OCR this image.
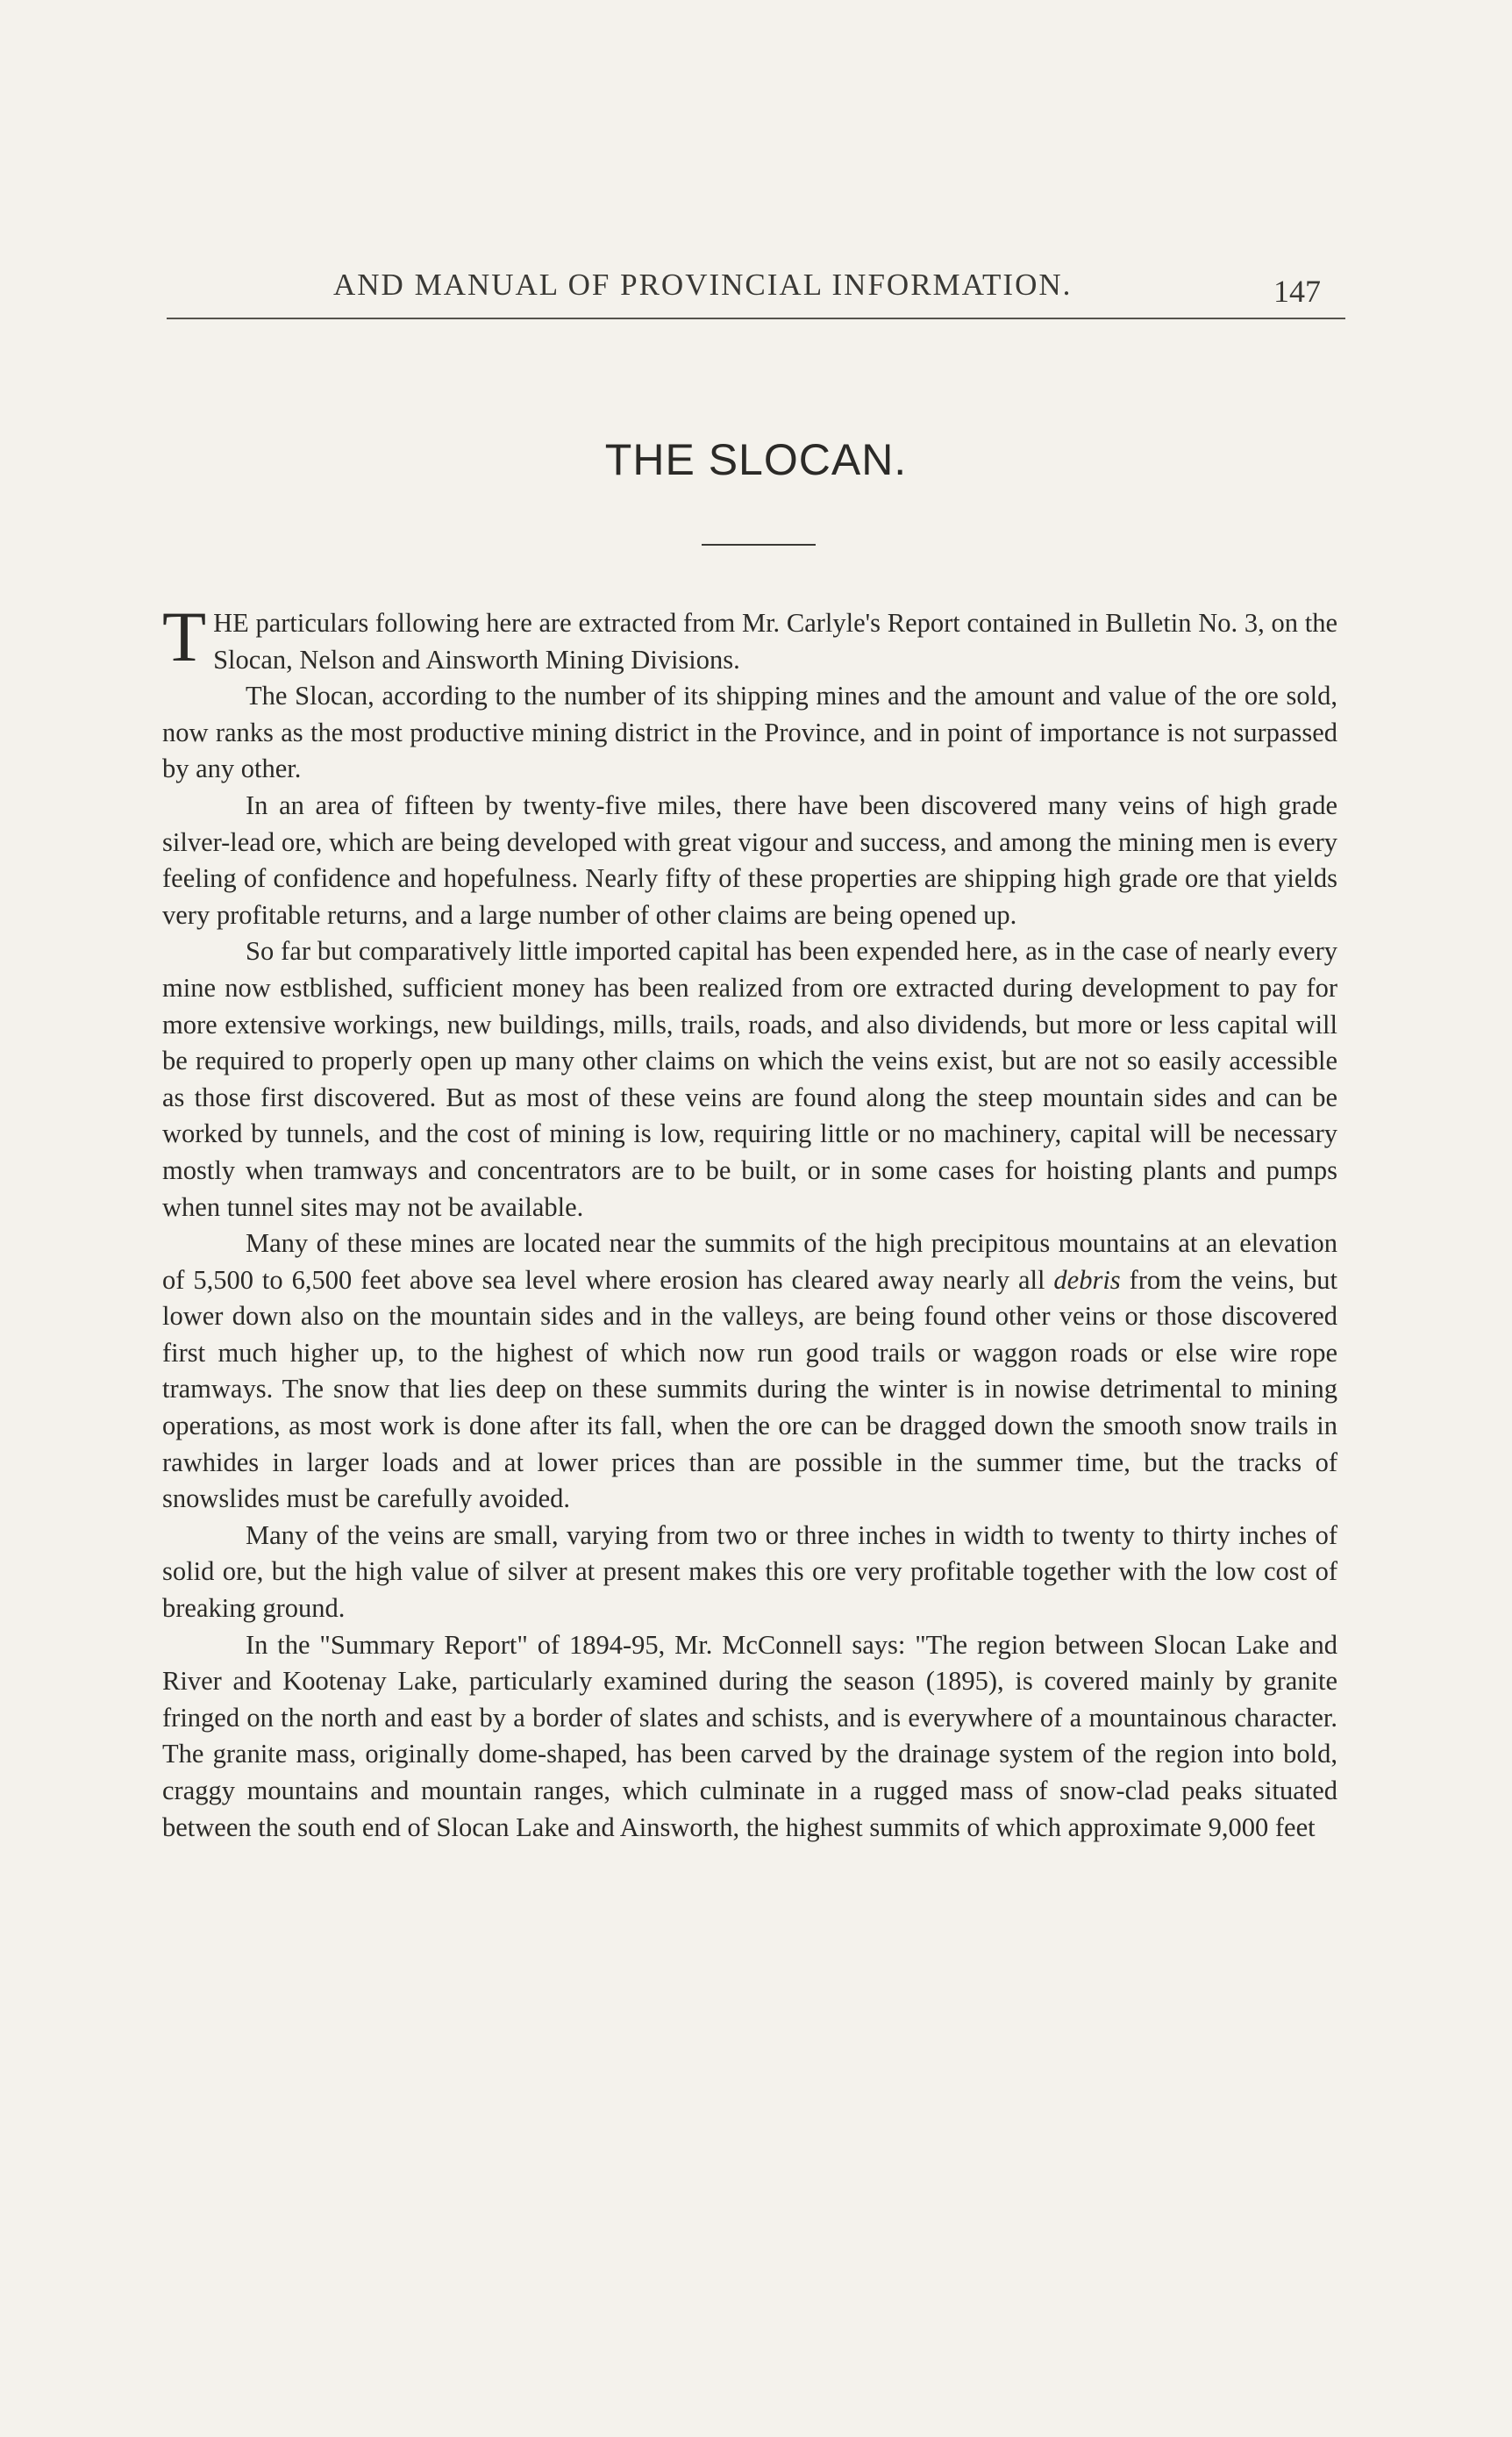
AND MANUAL OF PROVINCIAL INFORMATION.	147
THE SLOCAN.

THE particulars following here are extracted from Mr. Carlyle's Report contained in Bulletin No. 3, on the Slocan, Nelson and Ainsworth Mining Divisions.

The Slocan, according to the number of its shipping mines and the amount and value of the ore sold, now ranks as the most productive mining district in the Province, and in point of importance is not surpassed by any other.

In an area of fifteen by twenty-five miles, there have been discovered many veins of high grade silver-lead ore, which are being developed with great vigour and success, and among the mining men is every feeling of confidence and hopefulness. Nearly fifty of these properties are shipping high grade ore that yields very profitable returns, and a large number of other claims are being opened up.

So far but comparatively little imported capital has been expended here, as in the case of nearly every mine now estblished, sufficient money has been realized from ore extracted during development to pay for more extensive workings, new buildings, mills, trails, roads, and also dividends, but more or less capital will be required to properly open up many other claims on which the veins exist, but are not so easily accessible as those first discovered. But as most of these veins are found along the steep mountain sides and can be worked by tunnels, and the cost of mining is low, requiring little or no machinery, capital will be necessary mostly when tramways and concentrators are to be built, or in some cases for hoisting plants and pumps when tunnel sites may not be available.

Many of these mines are located near the summits of the high precipitous mountains at an elevation of 5,500 to 6,500 feet above sea level where erosion has cleared away nearly all debris from the veins, but lower down also on the mountain sides and in the valleys, are being found other veins or those discovered first much higher up, to the highest of which now run good trails or waggon roads or else wire rope tramways. The snow that lies deep on these summits during the winter is in nowise detrimental to mining operations, as most work is done after its fall, when the ore can be dragged down the smooth snow trails in rawhides in larger loads and at lower prices than are possible in the summer time, but the tracks of snowslides must be carefully avoided.

Many of the veins are small, varying from two or three inches in width to twenty to thirty inches of solid ore, but the high value of silver at present makes this ore very profitable together with the low cost of breaking ground.

In the "Summary Report" of 1894-95, Mr. McConnell says: "The region between Slocan Lake and River and Kootenay Lake, particularly examined during the season (1895), is covered mainly by granite fringed on the north and east by a border of slates and schists, and is everywhere of a mountainous character. The granite mass, originally dome-shaped, has been carved by the drainage system of the region into bold, craggy mountains and mountain ranges, which culminate in a rugged mass of snow-clad peaks situated between the south end of Slocan Lake and Ainsworth, the highest summits of which approximate 9,000 feet
